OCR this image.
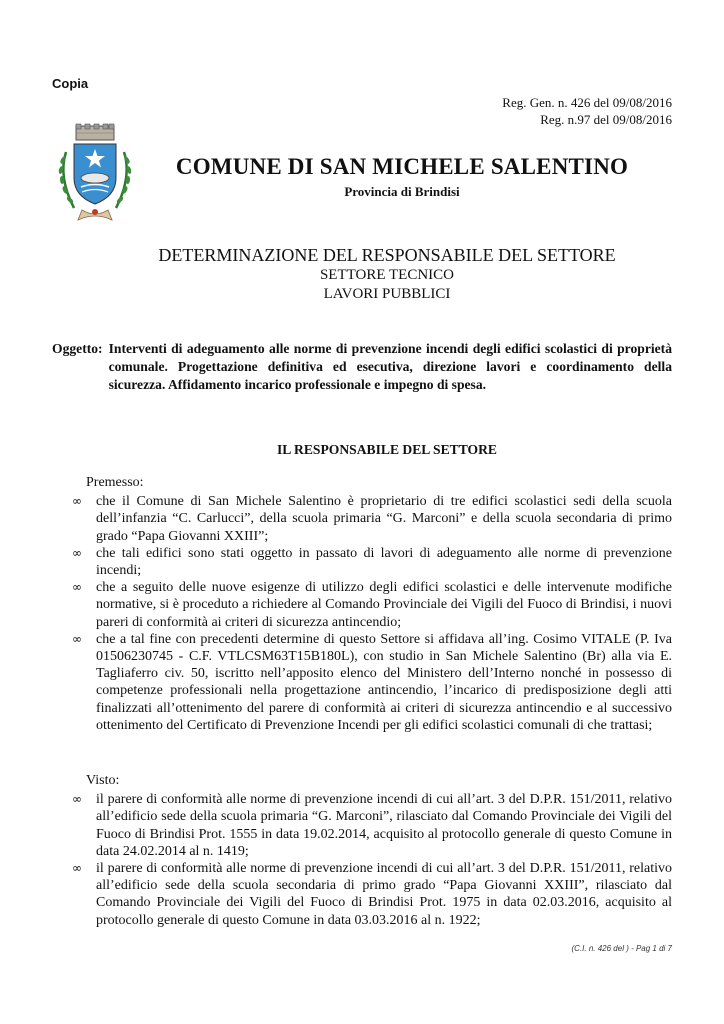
Copia
Reg. Gen. n. 426 del 09/08/2016
Reg. n.97 del 09/08/2016
COMUNE DI SAN MICHELE SALENTINO
Provincia di Brindisi
DETERMINAZIONE DEL RESPONSABILE DEL SETTORE
SETTORE TECNICO
LAVORI PUBBLICI
Oggetto: Interventi di adeguamento alle norme di prevenzione incendi degli edifici scolastici di proprietà comunale. Progettazione definitiva ed esecutiva, direzione lavori e coordinamento della sicurezza. Affidamento incarico professionale e impegno di spesa.
IL RESPONSABILE DEL SETTORE
Premesso:
∞ che il Comune di San Michele Salentino è proprietario di tre edifici scolastici sedi della scuola dell’infanzia “C. Carlucci”, della scuola primaria “G. Marconi” e della scuola secondaria di primo grado “Papa Giovanni XXIII”;
∞ che tali edifici sono stati oggetto in passato di lavori di adeguamento alle norme di prevenzione incendi;
∞ che a seguito delle nuove esigenze di utilizzo degli edifici scolastici e delle intervenute modifiche normative, si è proceduto a richiedere al Comando Provinciale dei Vigili del Fuoco di Brindisi, i nuovi pareri di conformità ai criteri di sicurezza antincendio;
∞ che a tal fine con precedenti determine di questo Settore si affidava all’ing. Cosimo VITALE (P. Iva 01506230745 - C.F. VTLCSM63T15B180L), con studio in San Michele Salentino (Br) alla via E. Tagliaferro civ. 50, iscritto nell’apposito elenco del Ministero dell’Interno nonché in possesso di competenze professionali nella progettazione antincendio, l’incarico di predisposizione degli atti finalizzati all’ottenimento del parere di conformità ai criteri di sicurezza antincendio e al successivo ottenimento del Certificato di Prevenzione Incendi per gli edifici scolastici comunali di che trattasi;
Visto:
∞ il parere di conformità alle norme di prevenzione incendi di cui all’art. 3 del D.P.R. 151/2011, relativo all’edificio sede della scuola primaria “G. Marconi”, rilasciato dal Comando Provinciale dei Vigili del Fuoco di Brindisi Prot. 1555 in data 19.02.2014, acquisito al protocollo generale di questo Comune in data 24.02.2014 al n. 1419;
∞ il parere di conformità alle norme di prevenzione incendi di cui all’art. 3 del D.P.R. 151/2011, relativo all’edificio sede della scuola secondaria di primo grado “Papa Giovanni XXIII”, rilasciato dal Comando Provinciale dei Vigili del Fuoco di Brindisi Prot. 1975 in data 02.03.2016, acquisito al protocollo generale di questo Comune in data 03.03.2016 al n. 1922;
(C.I. n. 426 del ) - Pag 1 di 7
